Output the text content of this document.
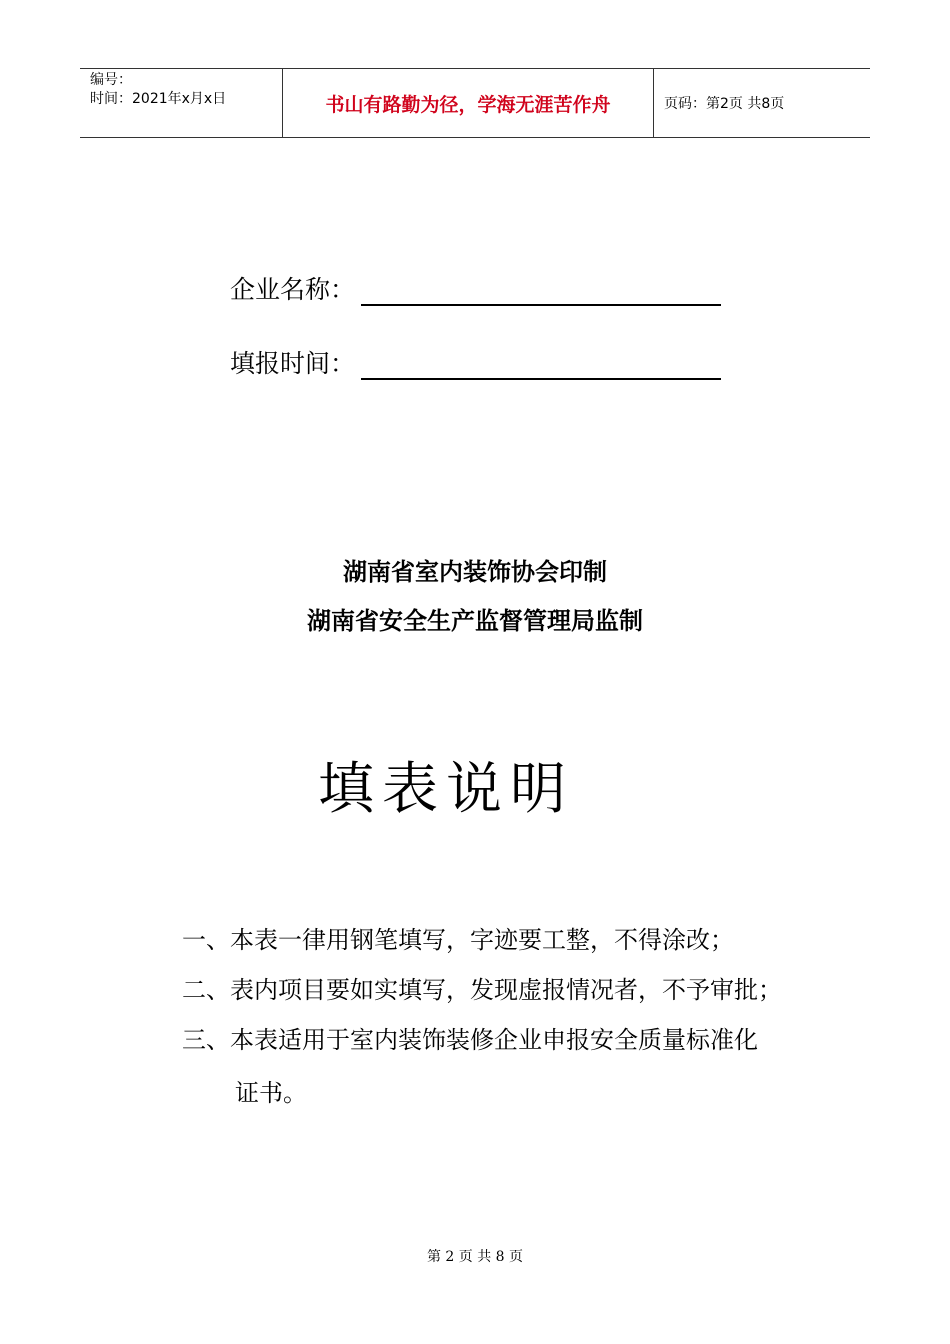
编号：
时间：2021年x月x日	书山有路勤为径，学海无涯苦作舟	页码：第2页 共8页
企业名称：
填报时间：
湖南省室内装饰协会印制
湖南省安全生产监督管理局监制
填表说明
一、本表一律用钢笔填写，字迹要工整，不得涂改；
二、表内项目要如实填写，发现虚报情况者，不予审批；
三、本表适用于室内装饰装修企业申报安全质量标准化
证书。
第 2 页 共 8 页
